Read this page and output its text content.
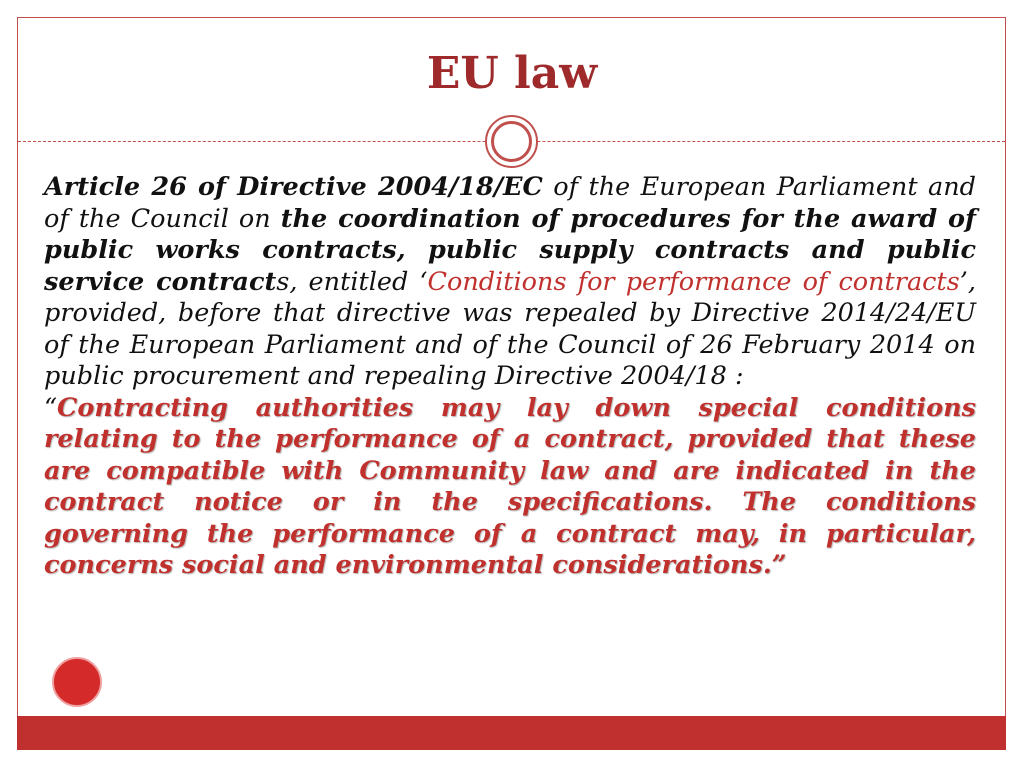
EU law
Article 26 of Directive 2004/18/EC of the European Parliament and of the Council on the coordination of procedures for the award of public works contracts, public supply contracts and public service contracts, entitled ‘Conditions for performance of contracts’, provided, before that directive was repealed by Directive 2014/24/EU of the European Parliament and of the Council of 26 February 2014 on public procurement and repealing Directive 2004/18 :
“Contracting authorities may lay down special conditions relating to the performance of a contract, provided that these are compatible with Community law and are indicated in the contract notice or in the specifications. The conditions governing the performance of a contract may, in particular, concerns social and environmental considerations.”
